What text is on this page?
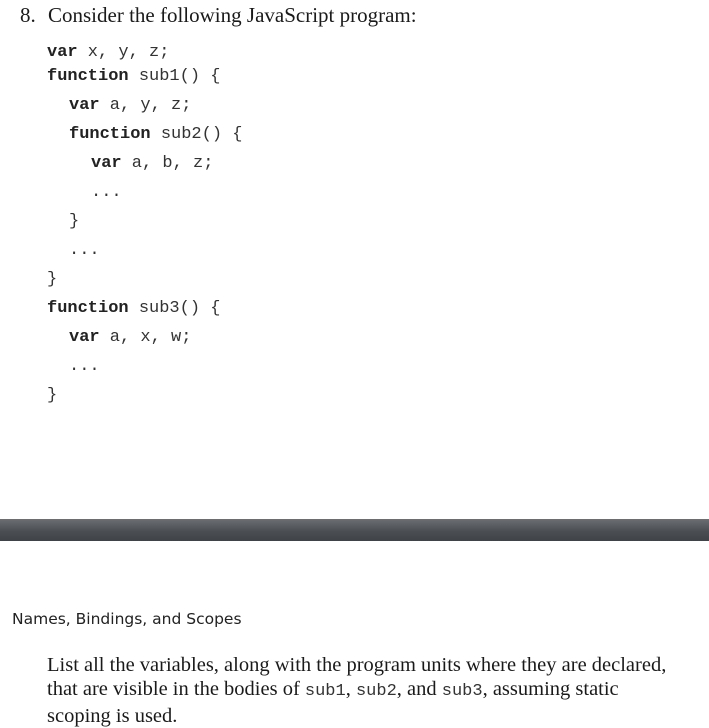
8. Consider the following JavaScript program:
var x, y, z;
function sub1() {
var a, y, z;
function sub2() {
var a, b, z;
...
}
...
}
function sub3() {
var a, x, w;
...
}
Names, Bindings, and Scopes
List all the variables, along with the program units where they are declared, that are visible in the bodies of sub1, sub2, and sub3, assuming static scoping is used.
